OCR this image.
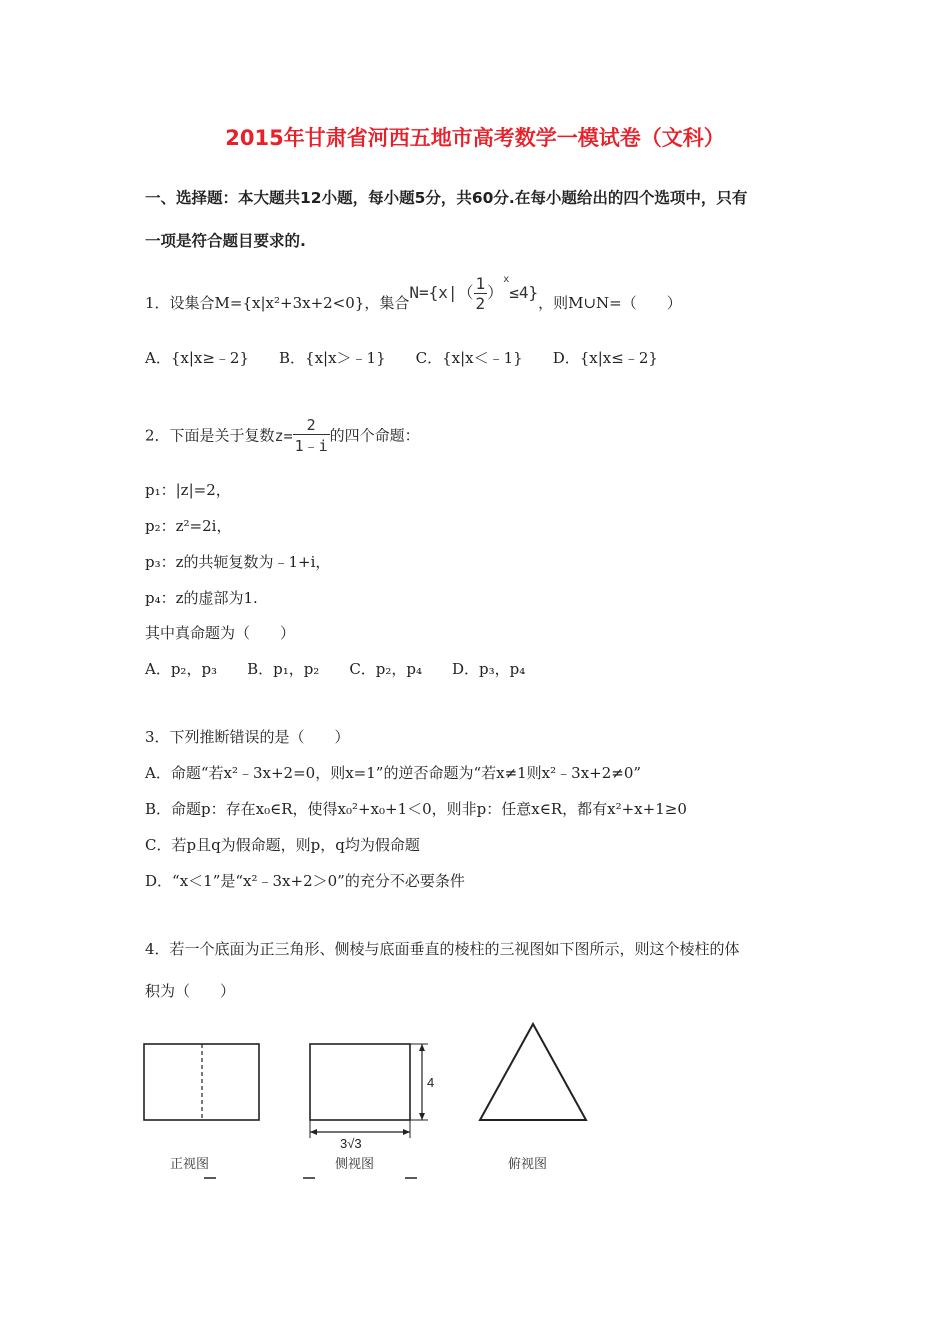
2015年甘肃省河西五地市高考数学一模试卷（文科）
一、选择题：本大题共12小题，每小题5分，共60分.在每小题给出的四个选项中，只有
一项是符合题目要求的.
1．设集合M={x|x²+3x+2<0}，集合$N=\{x|( \frac{1}{2} )^x\le 4\}$，则M∪N=（　　）
A．{x|x≥﹣2}　　B．{x|x＞﹣1}　　C．{x|x＜﹣1}　　D．{x|x≤﹣2}
2．下面是关于复数$z= \frac{2}{1﹣i}$ 的四个命题：
p₁：|z|=2，
p₂：z²=2i，
p₃：z的共轭复数为﹣1+i，
p₄：z的虚部为1.
其中真命题为（　　）
A．p₂，p₃　　B．p₁，p₂　　C．p₂，p₄　　D．p₃，p₄
3．下列推断错误的是（　　）
A．命题“若x²﹣3x+2=0，则x=1”的逆否命题为“若x≠1则x²﹣3x+2≠0”
B．命题p：存在x₀∈R，使得x₀²+x₀+1＜0，则非p：任意x∈R，都有x²+x+1≥0
C．若p且q为假命题，则p，q均为假命题
D．“x＜1”是“x²﹣3x+2＞0”的充分不必要条件
4．若一个底面为正三角形、侧棱与底面垂直的棱柱的三视图如下图所示，则这个棱柱的体
积为（　　）
4
3√3
正视图	侧视图	俯视图
